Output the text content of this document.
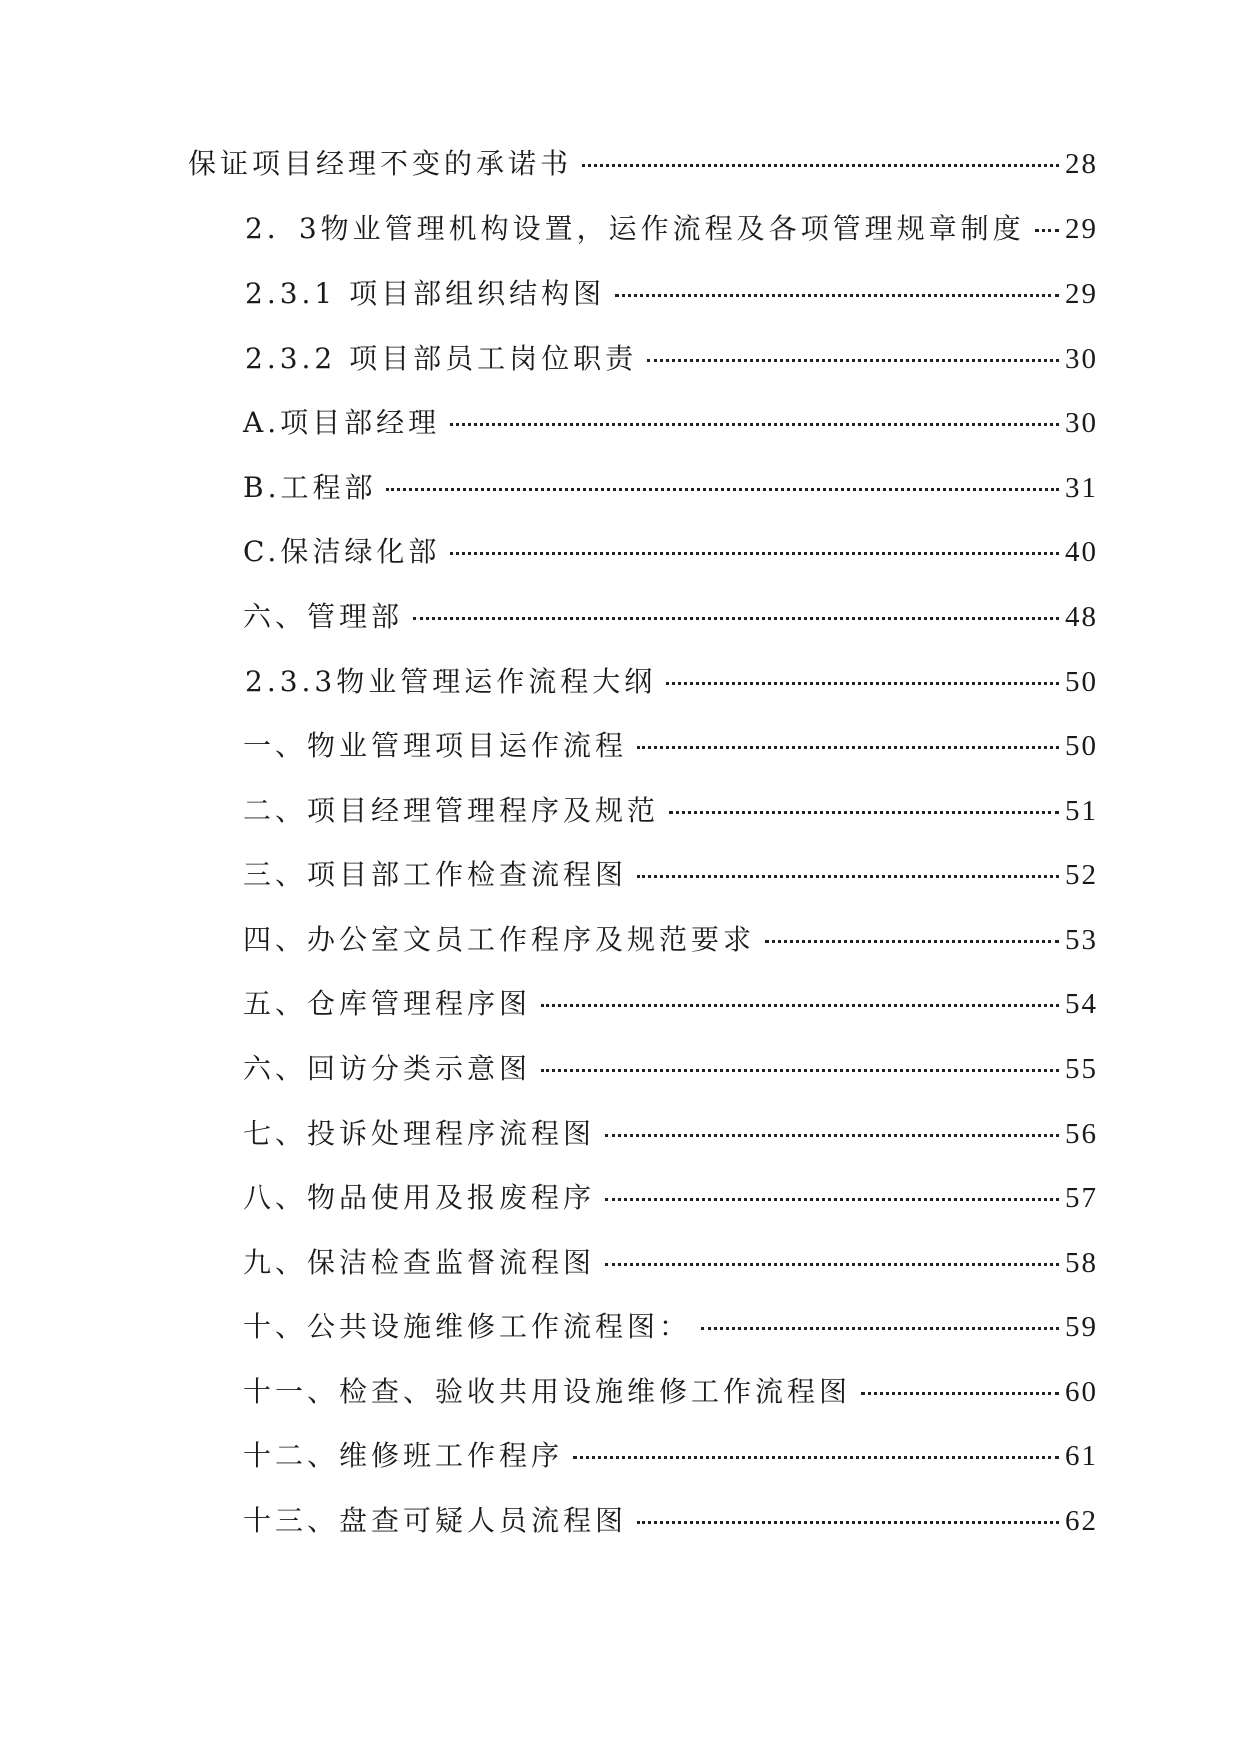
保证项目经理不变的承诺书	28
2．3物业管理机构设置，运作流程及各项管理规章制度 29
2.3.1 项目部组织结构图	29
2.3.2 项目部员工岗位职责	30
A.项目部经理	30
B.工程部	31
C.保洁绿化部	40
六、管理部	48
2.3.3物业管理运作流程大纲	50
一、物业管理项目运作流程	50
二、项目经理管理程序及规范	51
三、项目部工作检查流程图	52
四、办公室文员工作程序及规范要求	53
五、仓库管理程序图	54
六、回访分类示意图	55
七、投诉处理程序流程图	56
八、物品使用及报废程序	57
九、保洁检查监督流程图	58
十、公共设施维修工作流程图：	59
十一、检查、验收共用设施维修工作流程图	60
十二、维修班工作程序	61
十三、盘查可疑人员流程图	62
